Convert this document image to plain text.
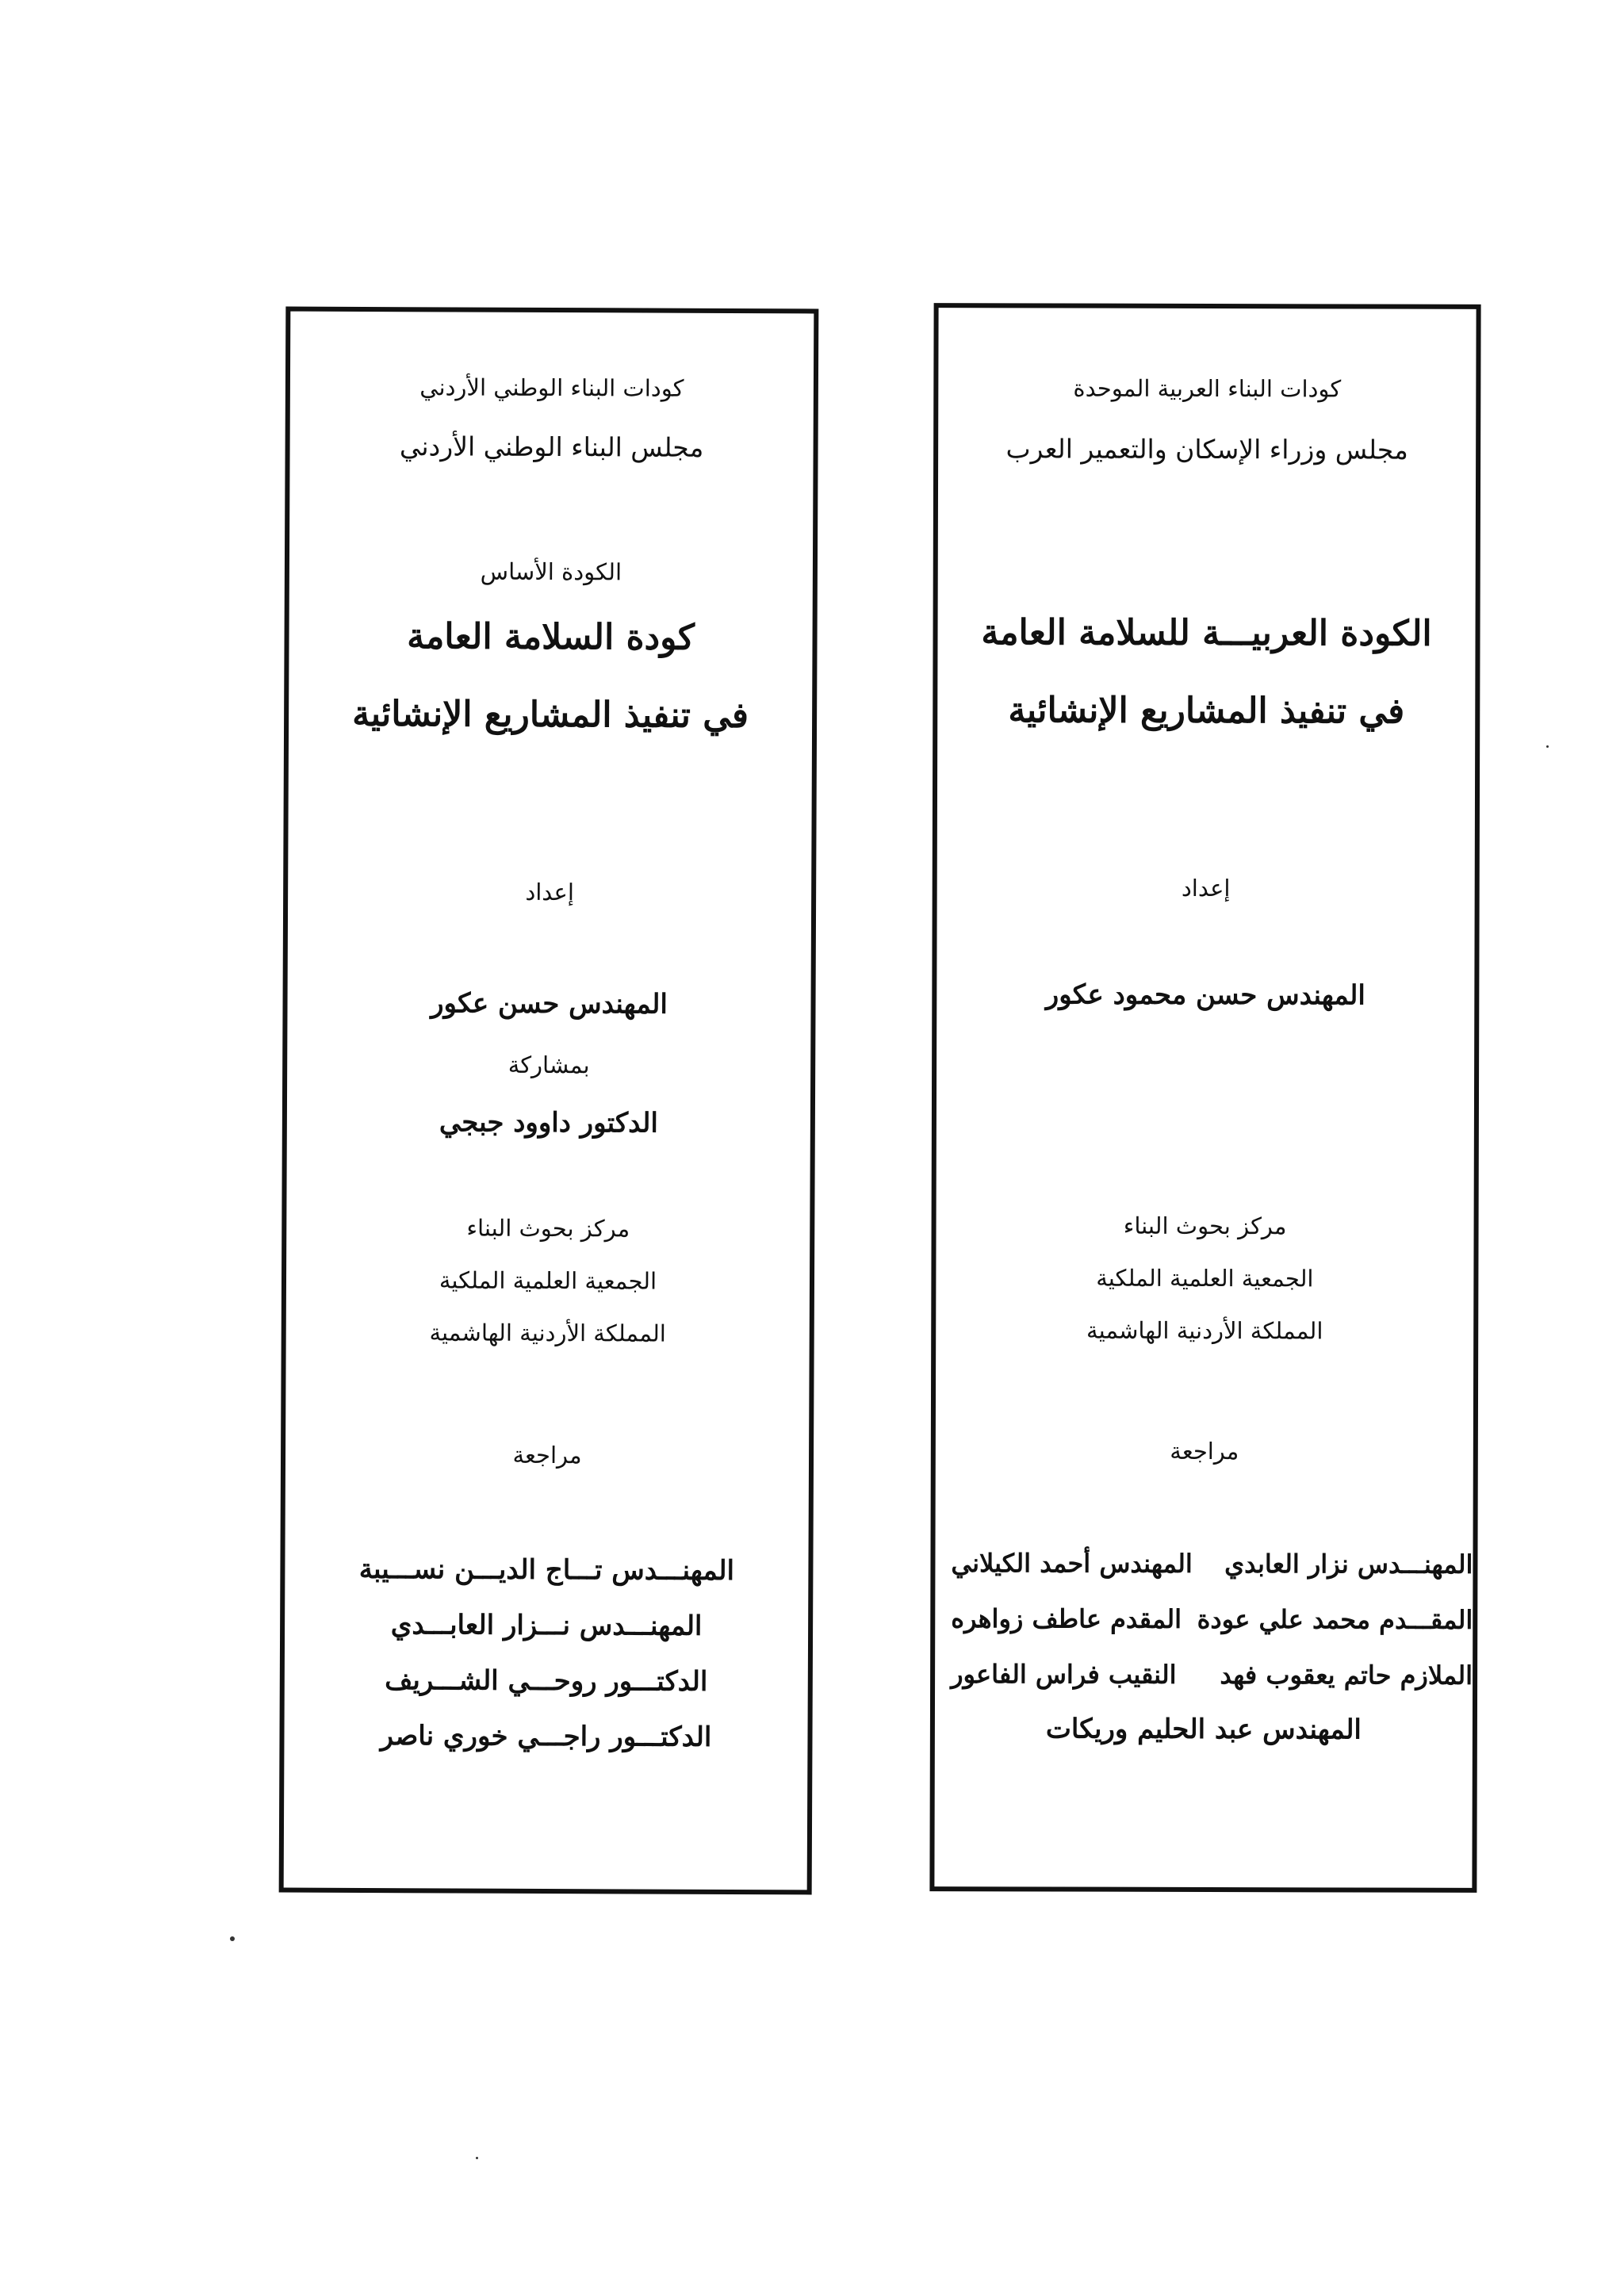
كودات البناء الوطني الأردني
مجلس البناء الوطني الأردني
الكودة الأساس
كودة السلامة العامة
في تنفيذ المشاريع الإنشائية
إعداد
المهندس حسن عكور
بمشاركة
الدكتور داوود جبجي
مركز بحوث البناء
الجمعية العلمية الملكية
المملكة الأردنية الهاشمية
مراجعة
المهنـــدس تـــاج الديـــن نســـيبة
المهنـــدس نـــزار العابـــدي
الدكتـــور روحـــي الشـــريف
الدكتـــور راجـــي خوري ناصر
كودات البناء العربية الموحدة
مجلس وزراء الإسكان والتعمير العرب
الكودة العربيـــة للسلامة العامة
في تنفيذ المشاريع الإنشائية
إعداد
المهندس حسن محمود عكور
مركز بحوث البناء
الجمعية العلمية الملكية
المملكة الأردنية الهاشمية
مراجعة
المهنـــدس نزار العابدي
المهندس أحمد الكيلاني
المقـــدم محمد علي عودة
المقدم عاطف زواهره
الملازم حاتم يعقوب فهد
النقيب فراس الفاعور
المهندس عبد الحليم وريكات
